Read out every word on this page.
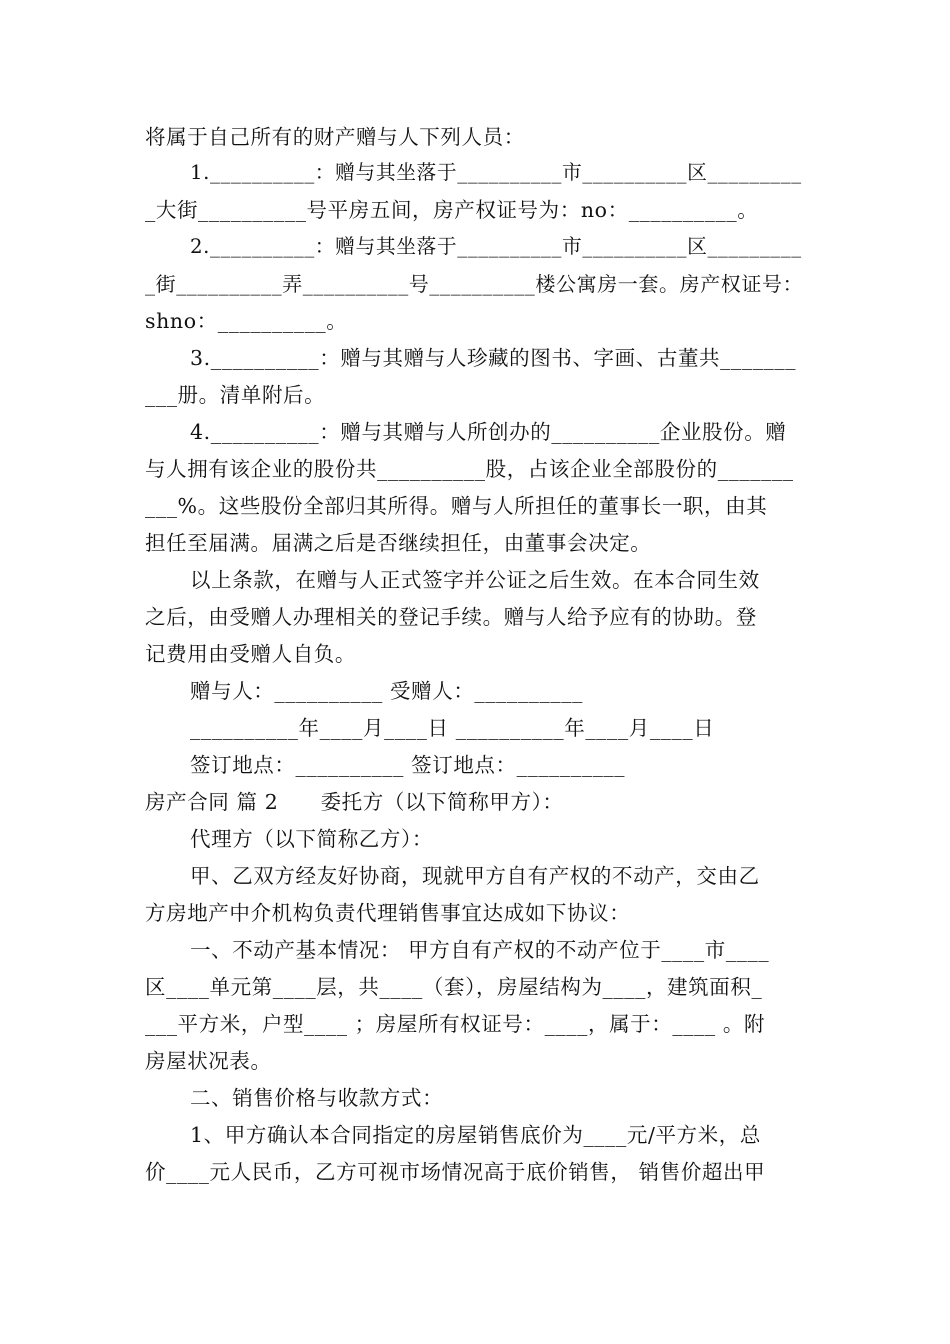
将属于自己所有的财产赠与人下列人员：
1.__________：赠与其坐落于__________市__________区_________
_大街__________号平房五间，房产权证号为：no：__________。
2.__________：赠与其坐落于__________市__________区_________
_街__________弄__________号__________楼公寓房一套。房产权证号：
shno：__________。
3.__________：赠与其赠与人珍藏的图书、字画、古董共_______
___册。清单附后。
4.__________：赠与其赠与人所创办的__________企业股份。赠
与人拥有该企业的股份共__________股，占该企业全部股份的_______
___%。这些股份全部归其所得。赠与人所担任的董事长一职，由其
担任至届满。届满之后是否继续担任，由董事会决定。
以上条款，在赠与人正式签字并公证之后生效。在本合同生效
之后，由受赠人办理相关的登记手续。赠与人给予应有的协助。登
记费用由受赠人自负。
赠与人：__________ 受赠人：__________
__________年____月____日 __________年____月____日
签订地点：__________ 签订地点：__________
房产合同 篇 2　　委托方（以下简称甲方）：
代理方（以下简称乙方）：
甲、乙双方经友好协商，现就甲方自有产权的不动产，交由乙
方房地产中介机构负责代理销售事宜达成如下协议：
一、不动产基本情况： 甲方自有产权的不动产位于____市____
区____单元第____层，共____（套），房屋结构为____，建筑面积_
___平方米，户型____ ；房屋所有权证号：____，属于：____ 。附
房屋状况表。
二、销售价格与收款方式：
1、甲方确认本合同指定的房屋销售底价为____元/平方米，总
价____元人民币，乙方可视市场情况高于底价销售， 销售价超出甲
